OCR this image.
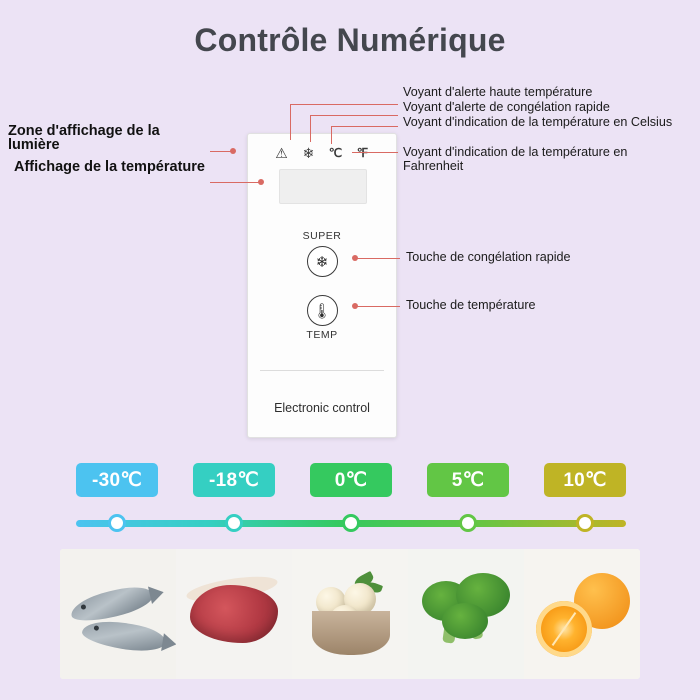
Contrôle Numérique
⚠ ❄ ℃
SUPER
❄
🌡
TEMP
Electronic control
Zone d'affichage de la lumière
Affichage de la température
Voyant d'alerte haute température
Voyant d'alerte de congélation rapide
Voyant d'indication de la température en Celsius
Voyant d'indication de la température en Fahrenheit
Touche de congélation rapide
Touche de température
-30℃	-18℃	0℃	5℃	10℃
